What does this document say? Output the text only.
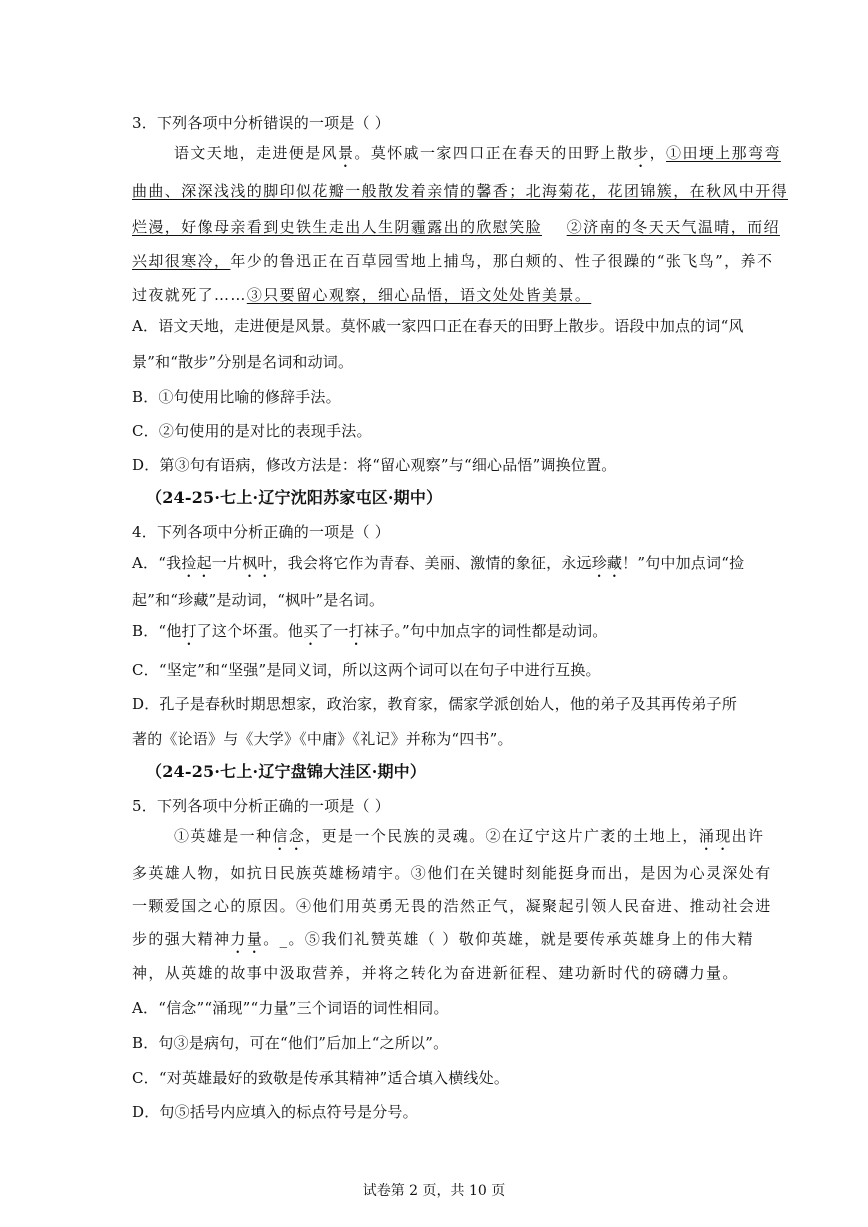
3．下列各项中分析错误的一项是（ ）
语文天地，走进便是风景。莫怀戚一家四口正在春天的田野上散步，①田埂上那弯弯
曲曲、深深浅浅的脚印似花瓣一般散发着亲情的馨香；北海菊花，花团锦簇，在秋风中开得
烂漫，好像母亲看到史铁生走出人生阴霾露出的欣慰笑脸 ②济南的冬天天气温晴，而绍
兴却很寒冷，年少的鲁迅正在百草园雪地上捕鸟，那白颊的、性子很躁的“张飞鸟”，养不
过夜就死了……③只要留心观察，细心品悟，语文处处皆美景。
A．语文天地，走进便是风景。莫怀戚一家四口正在春天的田野上散步。语段中加点的词“风
景”和“散步”分别是名词和动词。
B．①句使用比喻的修辞手法。
C．②句使用的是对比的表现手法。
D．第③句有语病，修改方法是：将“留心观察”与“细心品悟”调换位置。
（24-25·七上·辽宁沈阳苏家屯区·期中）
4．下列各项中分析正确的一项是（ ）
A．“我捡起一片枫叶，我会将它作为青春、美丽、激情的象征，永远珍藏！”句中加点词“捡
起”和“珍藏”是动词，“枫叶”是名词。
B．“他打了这个坏蛋。他买了一打袜子。”句中加点字的词性都是动词。
C．“坚定”和“坚强”是同义词，所以这两个词可以在句子中进行互换。
D．孔子是春秋时期思想家，政治家，教育家，儒家学派创始人，他的弟子及其再传弟子所
著的《论语》与《大学》《中庸》《礼记》并称为“四书”。
（24-25·七上·辽宁盘锦大洼区·期中）
5．下列各项中分析正确的一项是（ ）
①英雄是一种信念，更是一个民族的灵魂。②在辽宁这片广袤的土地上，涌现出许
多英雄人物，如抗日民族英雄杨靖宇。③他们在关键时刻能挺身而出，是因为心灵深处有
一颗爱国之心的原因。④他们用英勇无畏的浩然正气，凝聚起引领人民奋进、推动社会进
步的强大精神力量。_。⑤我们礼赞英雄（ ）敬仰英雄，就是要传承英雄身上的伟大精
神，从英雄的故事中汲取营养，并将之转化为奋进新征程、建功新时代的磅礴力量。
A．“信念”“涌现”“力量”三个词语的词性相同。
B．句③是病句，可在“他们”后加上“之所以”。
C．“对英雄最好的致敬是传承其精神”适合填入横线处。
D．句⑤括号内应填入的标点符号是分号。
试卷第 2 页，共 10 页
